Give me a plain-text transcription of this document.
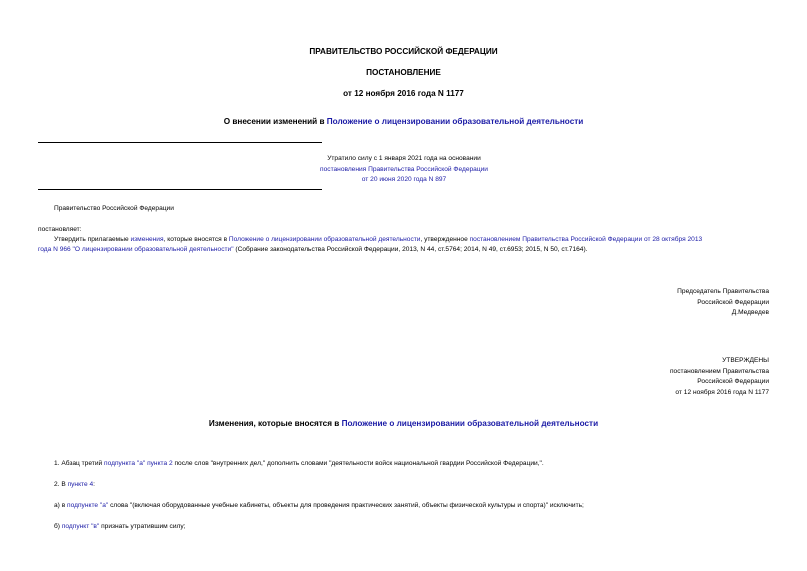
ПРАВИТЕЛЬСТВО РОССИЙСКОЙ ФЕДЕРАЦИИ
ПОСТАНОВЛЕНИЕ
от 12 ноября 2016 года N 1177
О внесении изменений в Положение о лицензировании образовательной деятельности
Утратило силу с 1 января 2021 года на основании
постановления Правительства Российской Федерации
от 20 июня 2020 года N 897
Правительство Российской Федерации
постановляет:
Утвердить прилагаемые изменения, которые вносятся в Положение о лицензировании образовательной деятельности, утвержденное постановлением Правительства Российской Федерации от 28 октября 2013
года N 966 "О лицензировании образовательной деятельности" (Собрание законодательства Российской Федерации, 2013, N 44, ст.5764; 2014, N 49, ст.6953; 2015, N 50, ст.7164).
Председатель Правительства
Российской Федерации
Д.Медведев
УТВЕРЖДЕНЫ
постановлением Правительства
Российской Федерации
от 12 ноября 2016 года N 1177
Изменения, которые вносятся в Положение о лицензировании образовательной деятельности
1. Абзац третий подпункта "а" пункта 2 после слов "внутренних дел," дополнить словами "деятельности войск национальной гвардии Российской Федерации,".
2. В пункте 4:
а) в подпункте "а" слова "(включая оборудованные учебные кабинеты, объекты для проведения практических занятий, объекты физической культуры и спорта)" исключить;
б) подпункт "в" признать утратившим силу;
